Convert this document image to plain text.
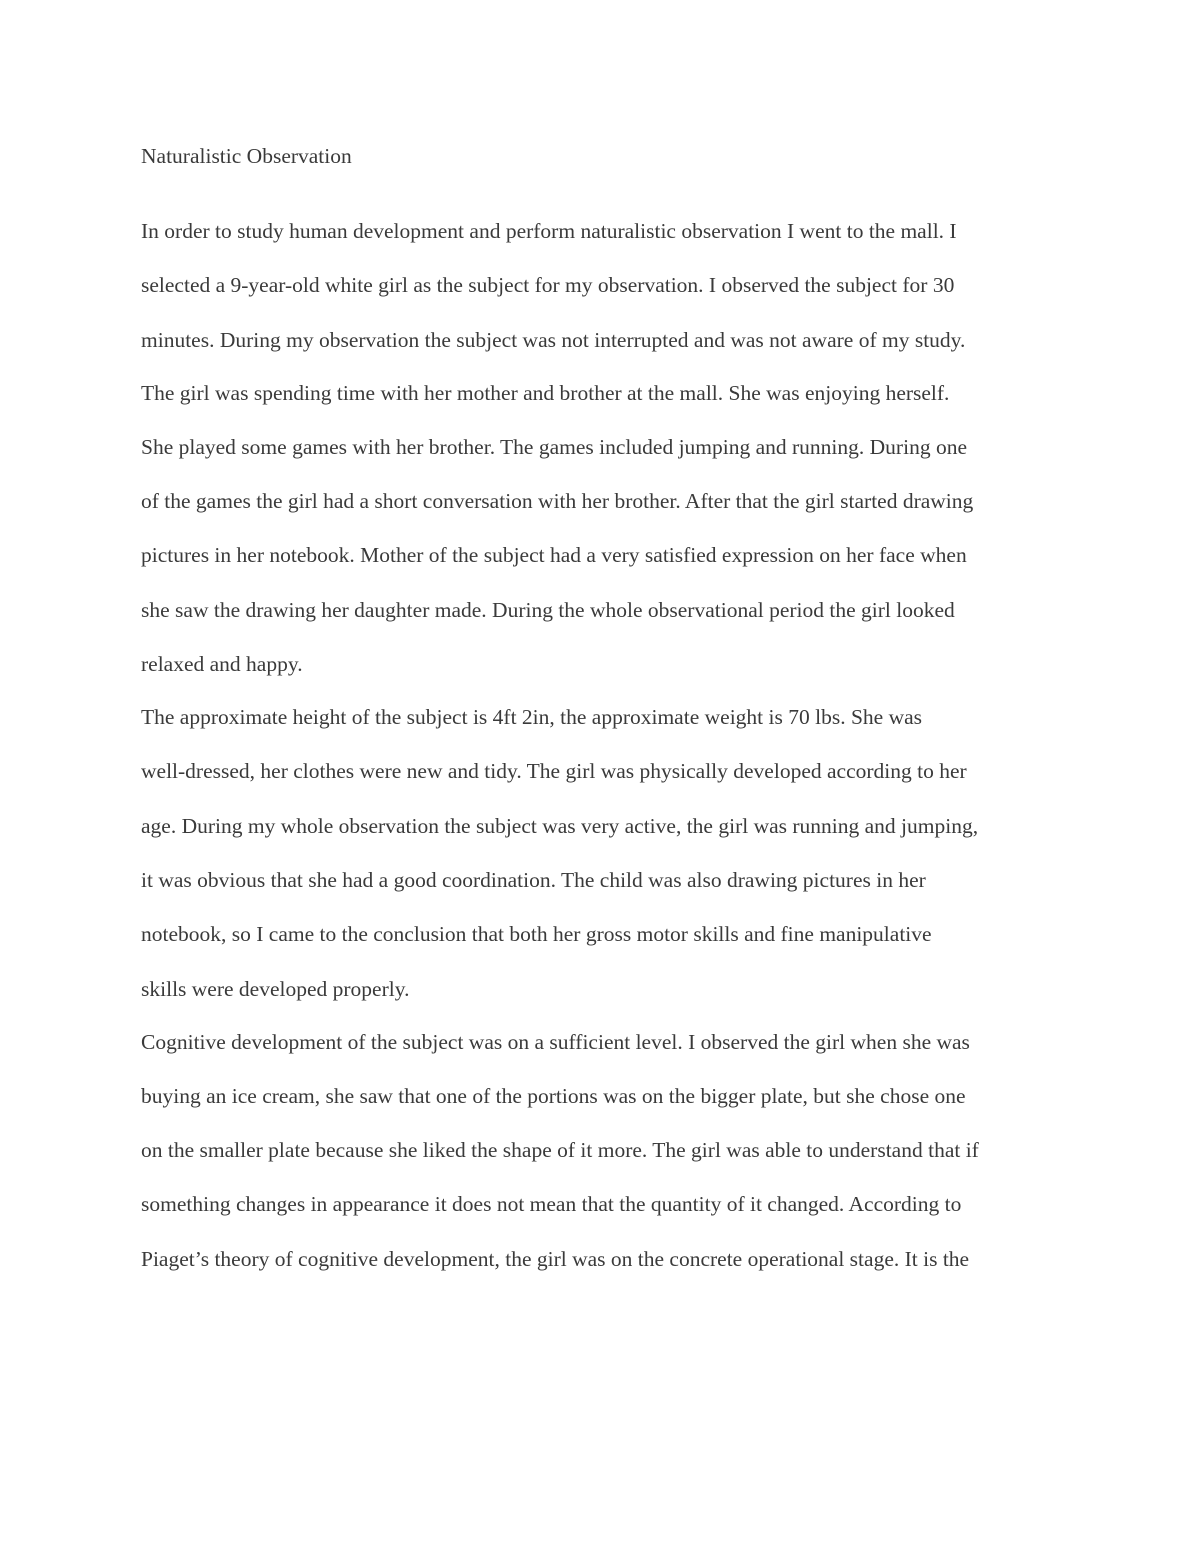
Naturalistic Observation
In order to study human development and perform naturalistic observation I went to the mall. I
selected a 9-year-old white girl as the subject for my observation. I observed the subject for 30
minutes. During my observation the subject was not interrupted and was not aware of my study.
The girl was spending time with her mother and brother at the mall. She was enjoying herself.
She played some games with her brother. The games included jumping and running. During one
of the games the girl had a short conversation with her brother. After that the girl started drawing
pictures in her notebook. Mother of the subject had a very satisfied expression on her face when
she saw the drawing her daughter made. During the whole observational period the girl looked
relaxed and happy.
The approximate height of the subject is 4ft 2in, the approximate weight is 70 lbs. She was
well-dressed, her clothes were new and tidy. The girl was physically developed according to her
age. During my whole observation the subject was very active, the girl was running and jumping,
it was obvious that she had a good coordination. The child was also drawing pictures in her
notebook, so I came to the conclusion that both her gross motor skills and fine manipulative
skills were developed properly.
Cognitive development of the subject was on a sufficient level. I observed the girl when she was
buying an ice cream, she saw that one of the portions was on the bigger plate, but she chose one
on the smaller plate because she liked the shape of it more. The girl was able to understand that if
something changes in appearance it does not mean that the quantity of it changed. According to
Piaget’s theory of cognitive development, the girl was on the concrete operational stage. It is the
